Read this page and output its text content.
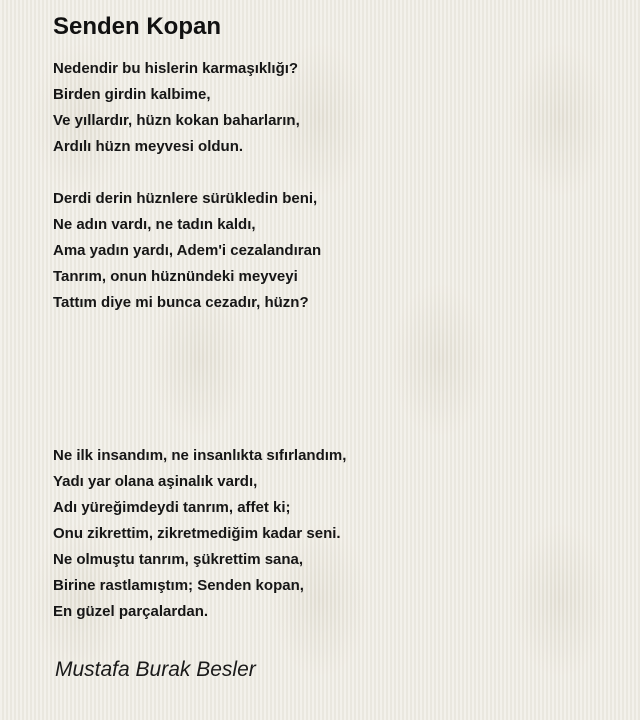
Senden Kopan
Nedendir bu hislerin karmaşıklığı?
Birden girdin kalbime,
Ve yıllardır, hüzn kokan baharların,
Ardılı hüzn meyvesi oldun.
Derdi derin hüznlere sürükledin beni,
Ne adın vardı, ne tadın kaldı,
Ama yadın yardı, Adem'i cezalandıran
Tanrım, onun hüznündeki meyveyi
Tattım diye mi bunca cezadır, hüzn?
Ne ilk insandım, ne insanlıkta sıfırlandım,
Yadı yar olana aşinalık vardı,
Adı yüreğimdeydi tanrım, affet ki;
Onu zikrettim, zikretmediğim kadar seni.
Ne olmuştu tanrım, şükrettim sana,
Birine rastlamıştım; Senden kopan,
En güzel parçalardan.
Mustafa Burak Besler
